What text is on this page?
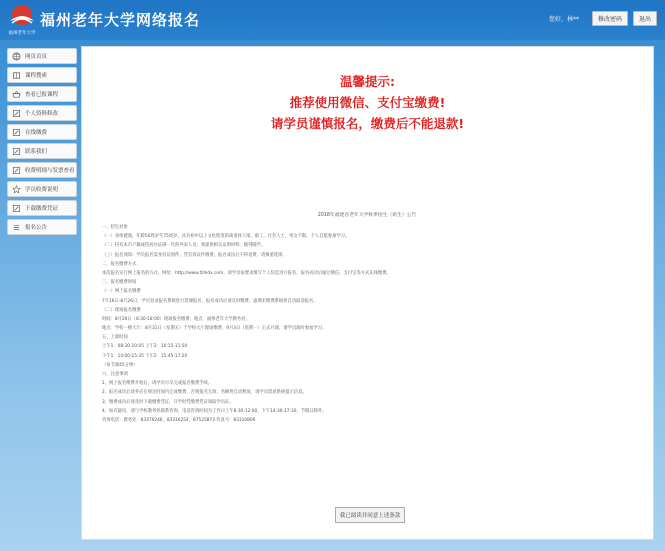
福州老年大学
福州老年大学网络报名	您好，林**	修改密码	退出
网页首页
课程搜索
查看已报课程
个人资料修改
在线缴费
联系我们
收费明细与发票查看
学员收费说明
下载缴费凭证
报名公告
温馨提示:
推荐使用微信、支付宝缴费!
请学员谨慎报名，缴费后不能退款!
2018年福建省老年大学秋季招生（新生）公告
一、招生对象
（一）身体健康，年龄50周岁至75周岁，具有初中以上文化程度的离退休干部、职工，社会人士，男女不限，个人自愿参加学习。
（二）持有本市户籍或持居住证满一年的外来人员，须提供相关证明材料，随到随学。
（三）报名须知：学员报名需身份证原件，凭有效证件缴费，报名成功后不得退费，请慎重选择。
二、报名缴费方式
本次报名实行网上报名的方式，网址：http://www.fzlndx.com，请学员按要求填写个人信息进行报名，报名成功后通过微信、支付宝等方式在线缴费。
三、报名缴费时间
（一）网上报名缴费
7月16日-8月26日，学员登录报名系统进行选课报名，报名成功后请及时缴费，逾期未缴费系统将自动取消报名。
（二）现场报名缴费
时间：8月20日（8:30-18:00）现场报名缴费，地点：福州老年大学教务处。
地点：学校一楼大厅：8月31日（星期五）于学校大厅现场缴费，9月3日（星期一）正式开课，请学员准时参加学习。
五、上课时间
上午1：08:30-10:05 上午2：10:15-11:50
下午1：14:00-15:35 下午2：15:45-17:20
（每节课45分钟）
六、注意事项
1、网上报名缴费开始后，请学员尽早完成报名缴费手续。
2、报名成功后请务必在规定时间内完成缴费，否则报名无效，名额将自动释放，请学员留意系统提示信息。
3、缴费成功后请及时下载缴费凭证，开学时凭缴费凭证领取学员证。
4、如有疑问，请与学校教务处联系咨询，电话咨询时间为工作日上午8:30-12:00，下午14:30-17:30，节假日除外。
咨询电话：教务处：83376246，83316254，87525873 传真号：83310806
我已阅读并同意上述条款
